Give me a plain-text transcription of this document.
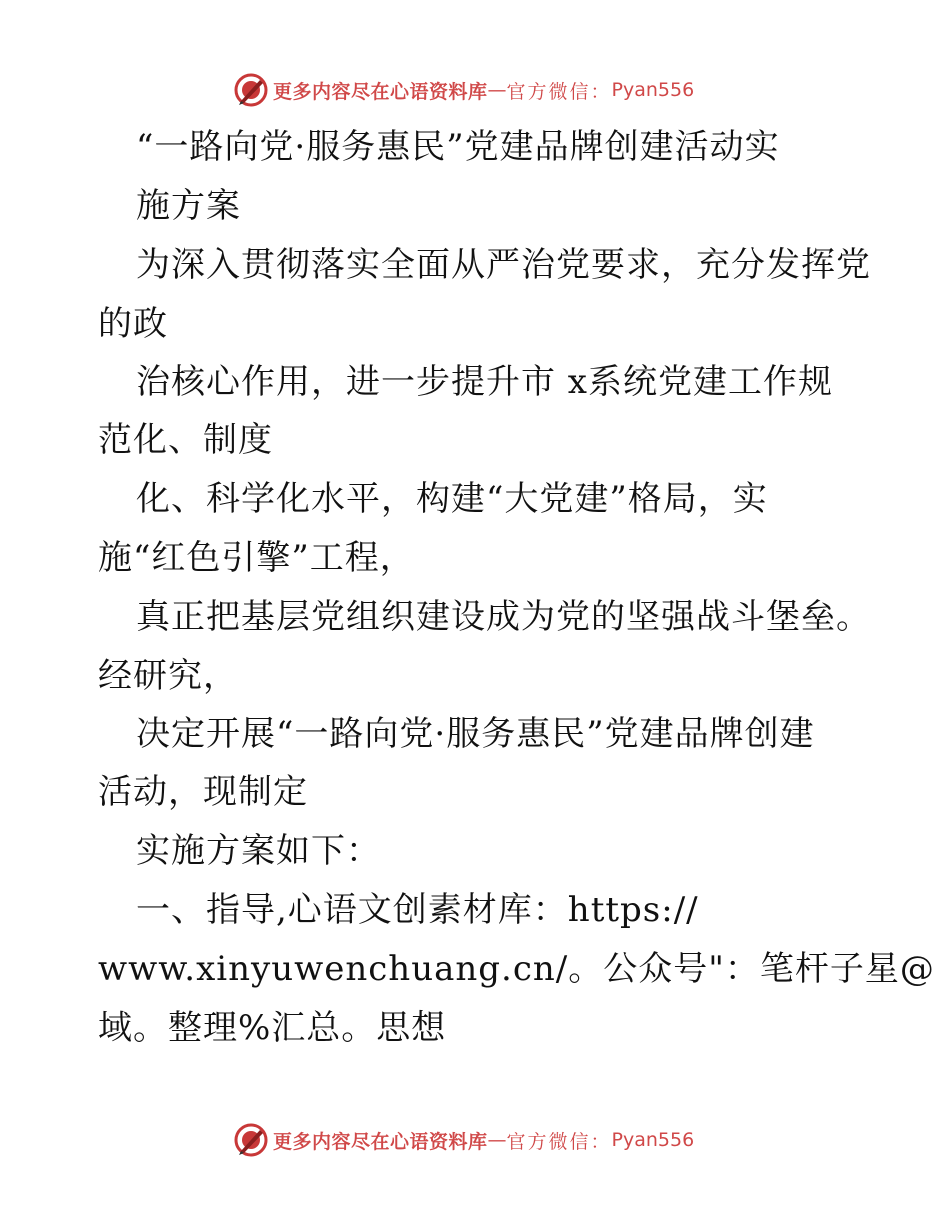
更多内容尽在心语资料库 — 官方微信： Pyan556
“一路向党·服务惠民”党建品牌创建活动实
施方案
为深入贯彻落实全面从严治党要求，充分发挥党
的政
治核心作用，进一步提升市 x系统党建工作规
范化、制度
化、科学化水平，构建“大党建”格局，实
施“红色引擎”工程，
真正把基层党组织建设成为党的坚强战斗堡垒。
经研究，
决定开展“一路向党·服务惠民”党建品牌创建
活动，现制定
实施方案如下：
一、指导,心语文创素材库：https://
www.xinyuwenchuang.cn/。公众号"：笔杆子星@
域。整理%汇总。思想
更多内容尽在心语资料库 — 官方微信： Pyan556
